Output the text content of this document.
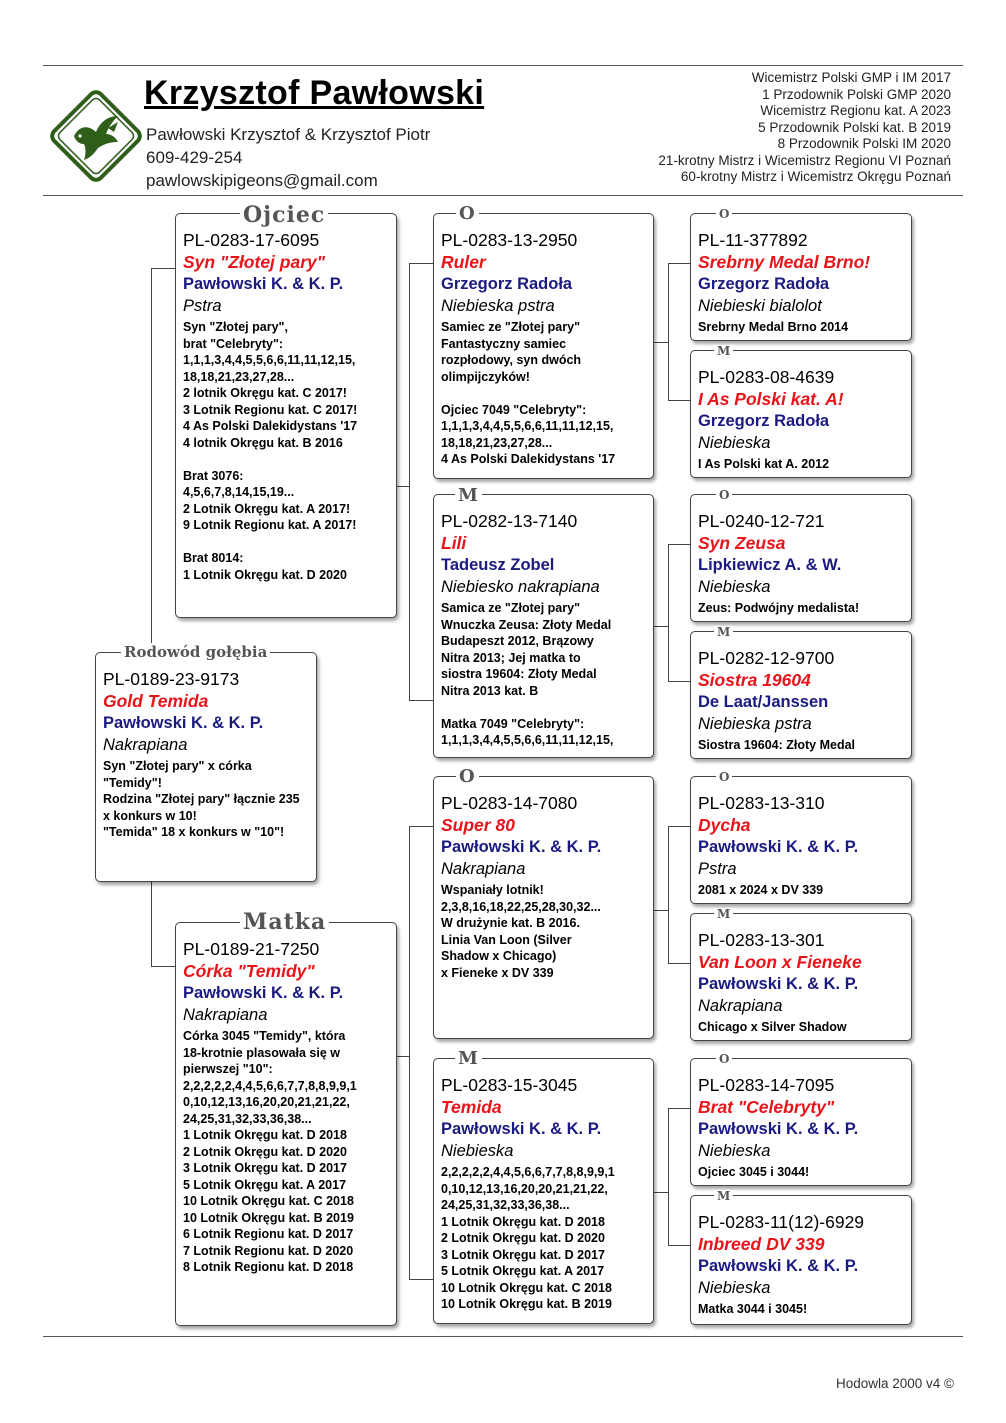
Krzysztof Pawłowski
Pawłowski Krzysztof & Krzysztof Piotr
609-429-254
pawlowskipigeons@gmail.com
Wicemistrz Polski GMP i IM 2017
1 Przodownik Polski GMP 2020
Wicemistrz Regionu kat. A 2023
5 Przodownik Polski kat. B 2019
8 Przodownik Polski IM 2020
21-krotny Mistrz i Wicemistrz Regionu VI Poznań
60-krotny Mistrz i Wicemistrz Okręgu Poznań
PL-0189-23-9173
Gold Temida
Pawłowski K. & K. P.
Nakrapiana
Syn "Złotej pary" x córka "Temidy"!
Rodzina "Złotej pary" łącznie 235 x konkurs w 10!
"Temida" 18 x konkurs w "10"!
Rodowód gołębia
PL-0283-17-6095
Syn "Złotej pary"
Pawłowski K. & K. P.
Pstra
Syn "Złotej pary",
brat "Celebryty":
1,1,1,3,4,4,5,5,6,6,11,11,12,15,
18,18,21,23,27,28...
2 lotnik Okręgu kat. C 2017!
3 Lotnik Regionu kat. C 2017!
4 As Polski Dalekidystans '17
4 lotnik Okręgu kat. B 2016

Brat 3076:
4,5,6,7,8,14,15,19...
2 Lotnik Okręgu kat. A 2017!
9 Lotnik Regionu kat. A 2017!

Brat 8014:
1 Lotnik Okręgu kat. D 2020
Ojciec
PL-0189-21-7250
Córka "Temidy"
Pawłowski K. & K. P.
Nakrapiana
Córka 3045 "Temidy", która
18-krotnie plasowała się w
pierwszej "10":
2,2,2,2,2,4,4,5,6,6,7,7,8,8,9,9,1
0,10,12,13,16,20,20,21,21,22,
24,25,31,32,33,36,38...
1 Lotnik Okręgu kat. D 2018
2 Lotnik Okręgu kat. D 2020
3 Lotnik Okręgu kat. D 2017
5 Lotnik Okręgu kat. A 2017
10 Lotnik Okręgu kat. C 2018
10 Lotnik Okręgu kat. B 2019
6 Lotnik Regionu kat. D 2017
7 Lotnik Regionu kat. D 2020
8 Lotnik Regionu kat. D 2018
Matka
PL-0283-13-2950
Ruler
Grzegorz Radoła
Niebieska pstra
Samiec ze "Złotej pary"
Fantastyczny samiec
rozpłodowy, syn dwóch
olimpijczyków!

Ojciec 7049 "Celebryty":
1,1,1,3,4,4,5,5,6,6,11,11,12,15,
18,18,21,23,27,28...
4 As Polski Dalekidystans '17
O
PL-0282-13-7140
Lili
Tadeusz Zobel
Niebiesko nakrapiana
Samica ze "Złotej pary"
Wnuczka Zeusa: Złoty Medal
Budapeszt 2012, Brązowy
Nitra 2013; Jej matka to
siostra 19604: Złoty Medal
Nitra 2013 kat. B

Matka 7049 "Celebryty":
1,1,1,3,4,4,5,5,6,6,11,11,12,15,
M
PL-0283-14-7080
Super 80
Pawłowski K. & K. P.
Nakrapiana
Wspaniały lotnik!
2,3,8,16,18,22,25,28,30,32...
W drużynie kat. B 2016.
Linia Van Loon (Silver
Shadow x Chicago)
x Fieneke x DV 339
O
PL-0283-15-3045
Temida
Pawłowski K. & K. P.
Niebieska
2,2,2,2,2,4,4,5,6,6,7,7,8,8,9,9,1
0,10,12,13,16,20,20,21,21,22,
24,25,31,32,33,36,38...
1 Lotnik Okręgu kat. D 2018
2 Lotnik Okręgu kat. D 2020
3 Lotnik Okręgu kat. D 2017
5 Lotnik Okręgu kat. A 2017
10 Lotnik Okręgu kat. C 2018
10 Lotnik Okręgu kat. B 2019
M
PL-11-377892
Srebrny Medal Brno!
Grzegorz Radoła
Niebieski bialolot
Srebrny Medal Brno 2014
O
PL-0283-08-4639
I As Polski kat. A!
Grzegorz Radoła
Niebieska
I As Polski kat A. 2012
M
PL-0240-12-721
Syn Zeusa
Lipkiewicz A. & W.
Niebieska
Zeus: Podwójny medalista!
O
PL-0282-12-9700
Siostra 19604
De Laat/Janssen
Niebieska pstra
Siostra 19604: Złoty Medal
M
PL-0283-13-310
Dycha
Pawłowski K. & K. P.
Pstra
2081 x 2024 x DV 339
O
PL-0283-13-301
Van Loon x Fieneke
Pawłowski K. & K. P.
Nakrapiana
Chicago x Silver Shadow
M
PL-0283-14-7095
Brat "Celebryty"
Pawłowski K. & K. P.
Niebieska
Ojciec 3045 i 3044!
O
PL-0283-11(12)-6929
Inbreed DV 339
Pawłowski K. & K. P.
Niebieska
Matka 3044 i 3045!
M
Hodowla 2000 v4 ©
